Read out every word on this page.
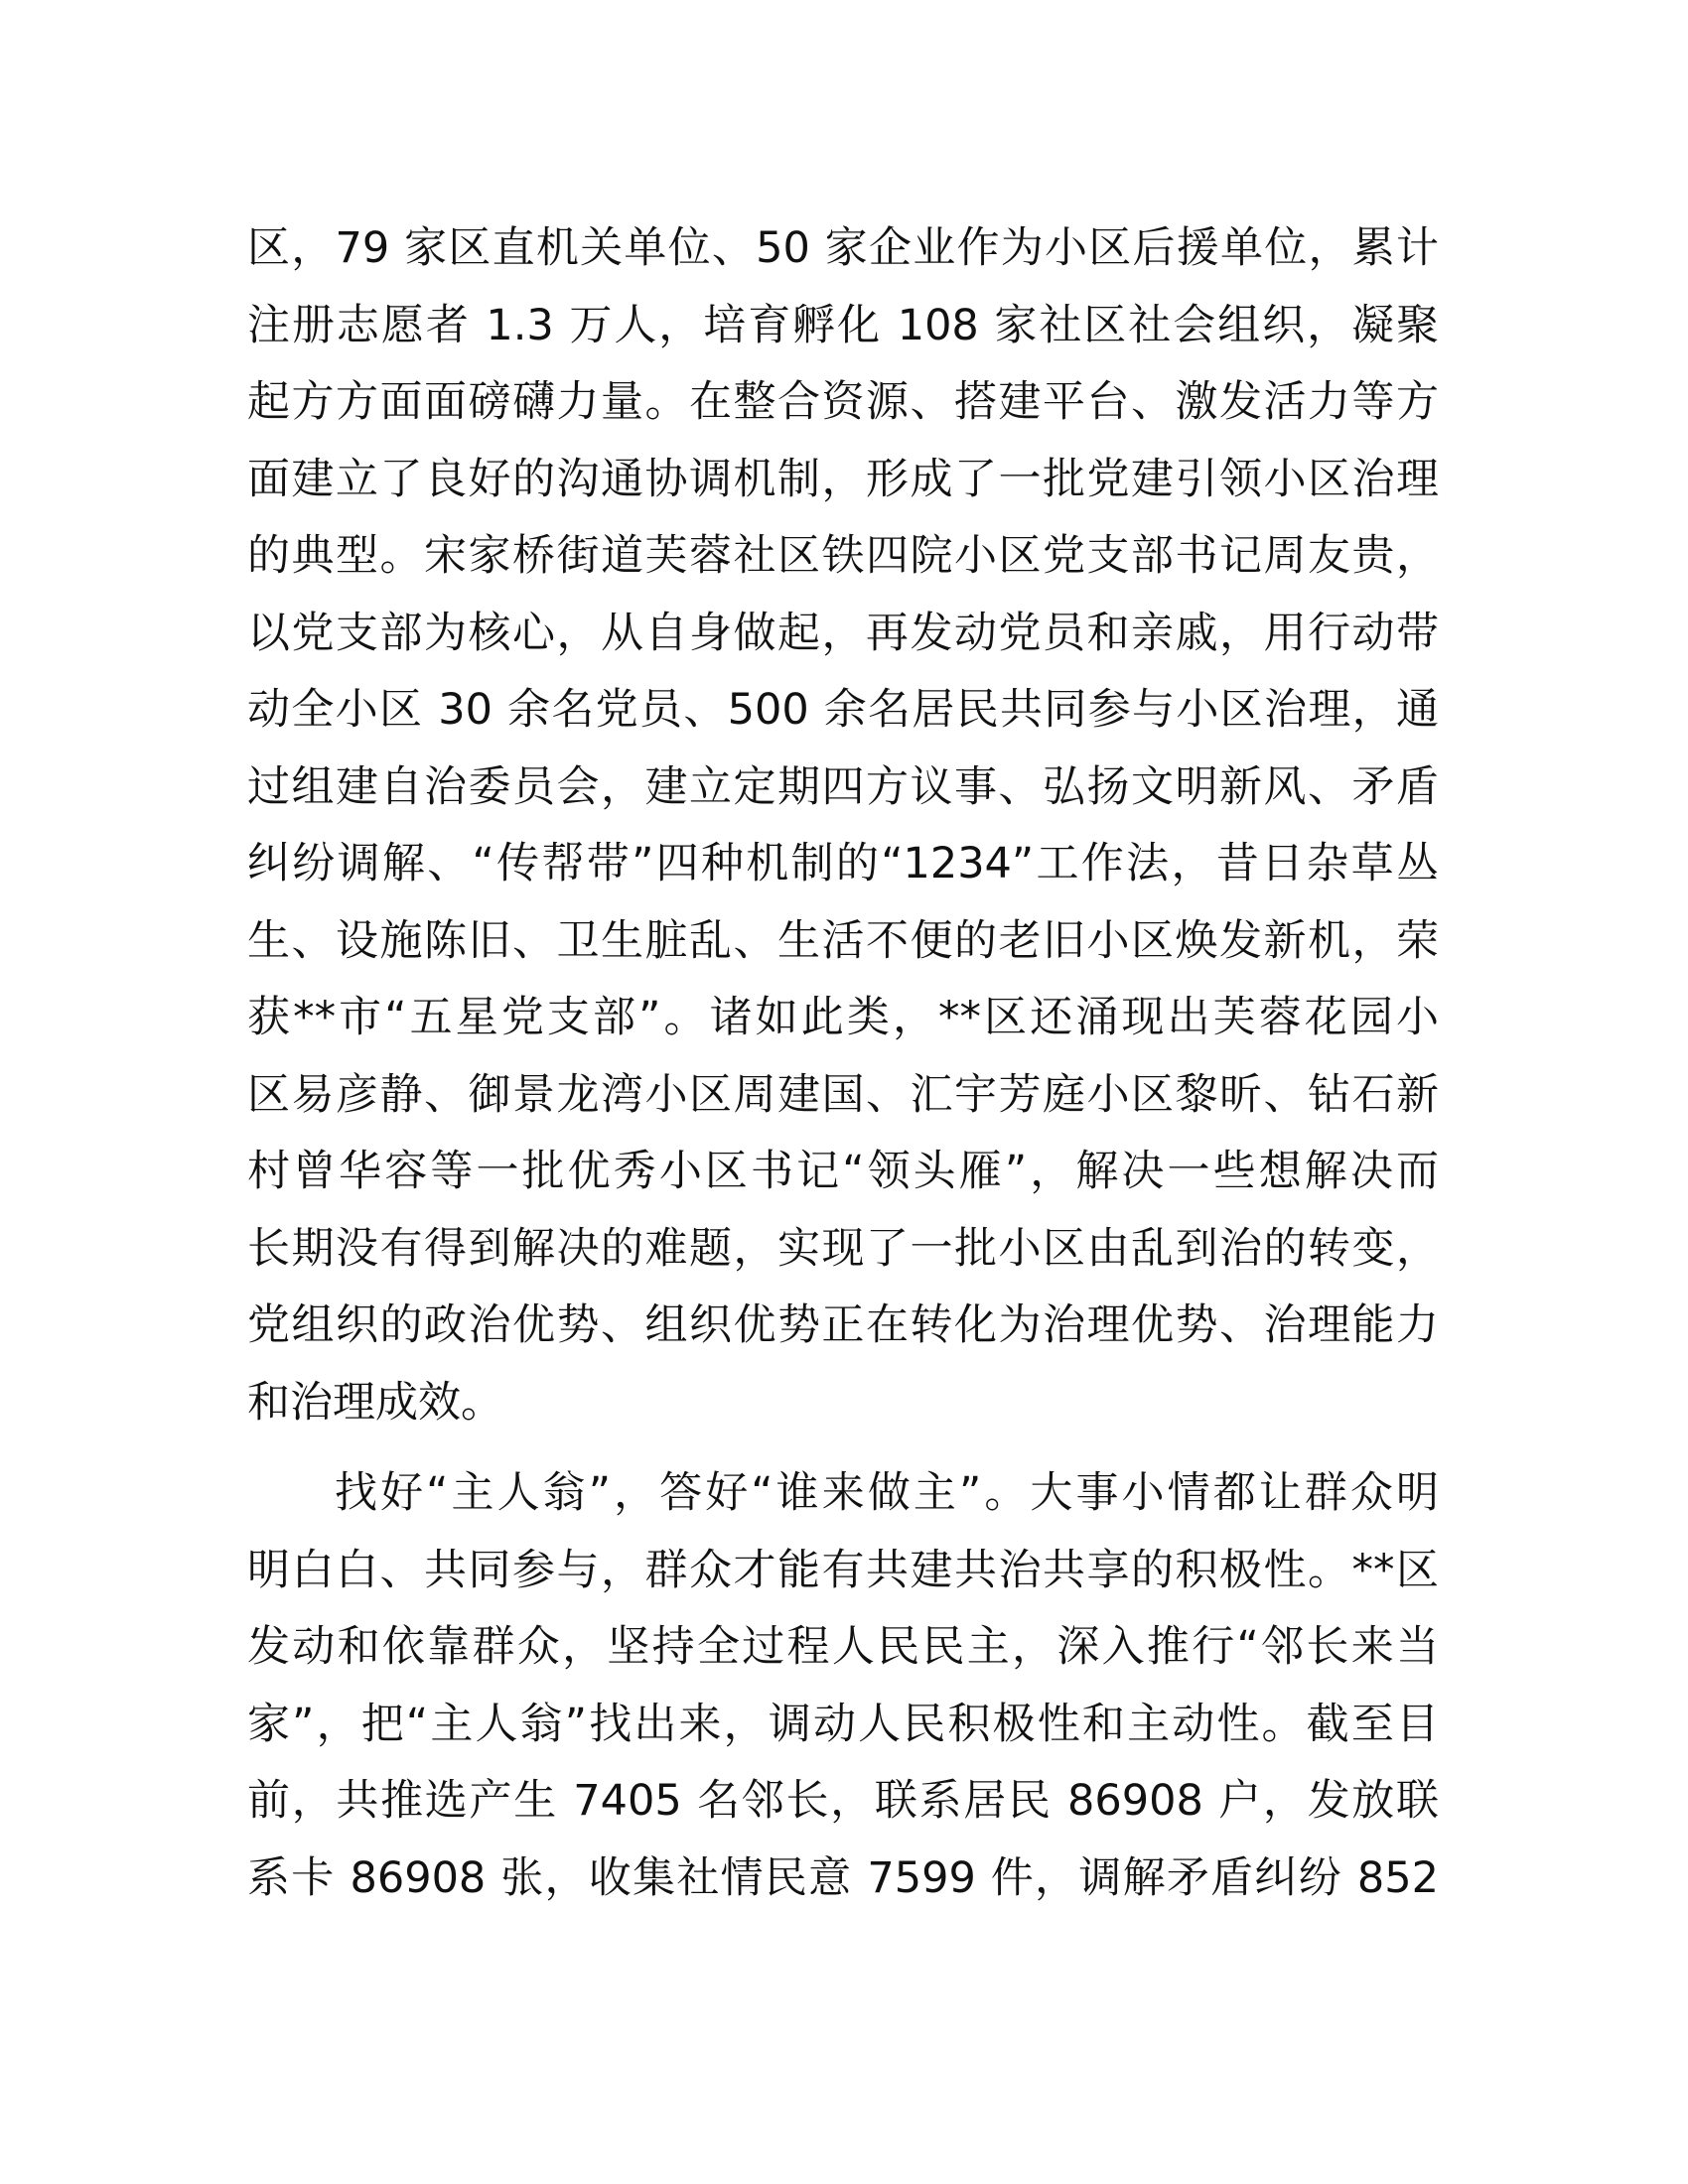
区，79 家区直机关单位、50 家企业作为小区后援单位，累计
注册志愿者 1.3 万人，培育孵化 108 家社区社会组织，凝聚
起方方面面磅礴力量。在整合资源、搭建平台、激发活力等方
面建立了良好的沟通协调机制，形成了一批党建引领小区治理
的典型。宋家桥街道芙蓉社区铁四院小区党支部书记周友贵，
以党支部为核心，从自身做起，再发动党员和亲戚，用行动带
动全小区 30 余名党员、500 余名居民共同参与小区治理，通
过组建自治委员会，建立定期四方议事、弘扬文明新风、矛盾
纠纷调解、“传帮带”四种机制的“1234”工作法，昔日杂草丛
生、设施陈旧、卫生脏乱、生活不便的老旧小区焕发新机，荣
获**市“五星党支部”。诸如此类，**区还涌现出芙蓉花园小
区易彦静、御景龙湾小区周建国、汇宇芳庭小区黎昕、钻石新
村曾华容等一批优秀小区书记“领头雁”，解决一些想解决而
长期没有得到解决的难题，实现了一批小区由乱到治的转变，
党组织的政治优势、组织优势正在转化为治理优势、治理能力
和治理成效。
找好“主人翁”，答好“谁来做主”。大事小情都让群众明
明白白、共同参与，群众才能有共建共治共享的积极性。**区
发动和依靠群众，坚持全过程人民民主，深入推行“邻长来当
家”，把“主人翁”找出来，调动人民积极性和主动性。截至目
前，共推选产生 7405 名邻长，联系居民 86908 户，发放联
系卡 86908 张，收集社情民意 7599 件，调解矛盾纠纷 852
